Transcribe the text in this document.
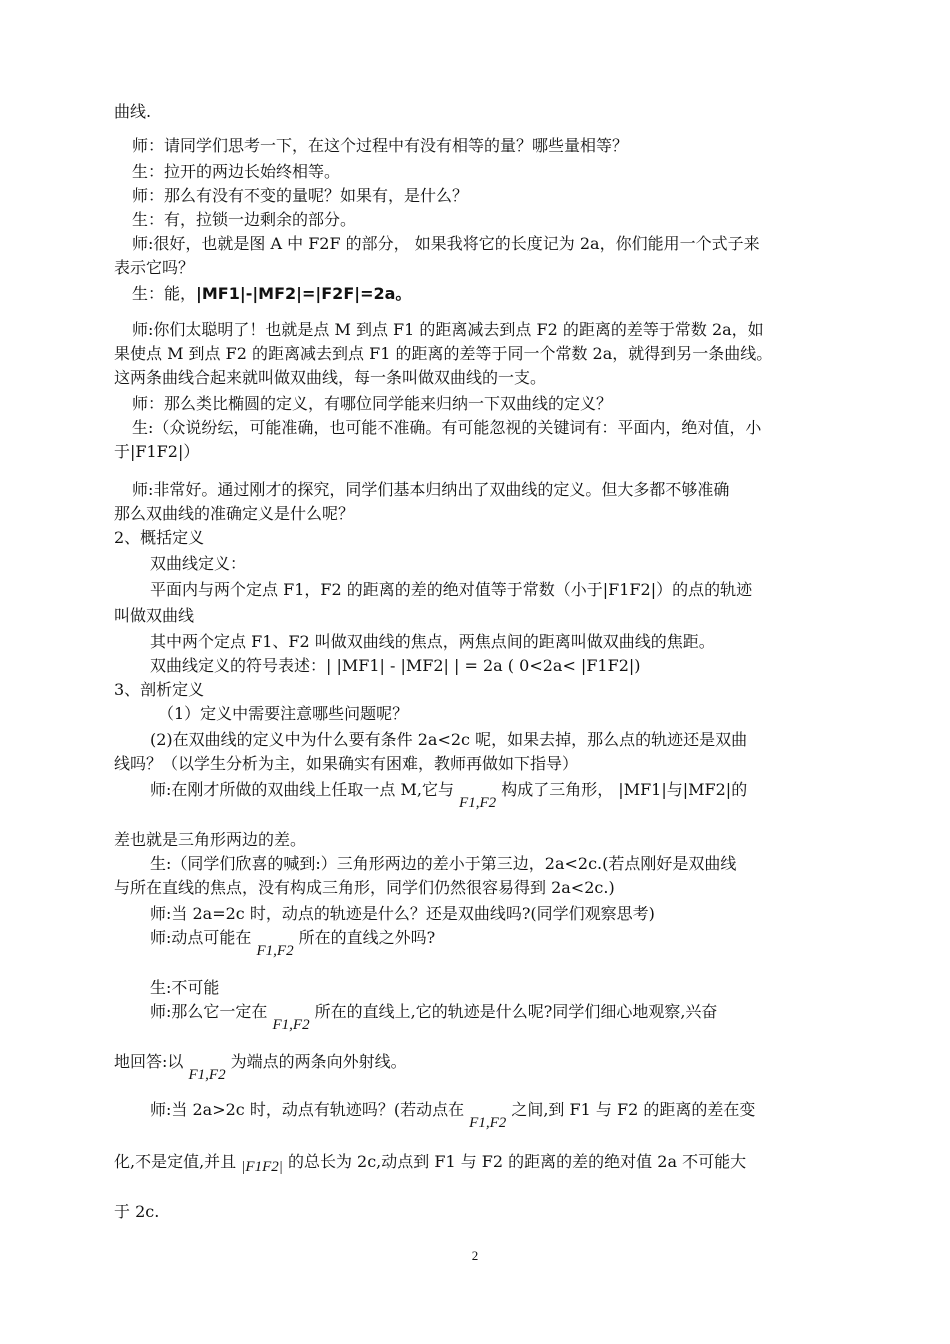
曲线.
师：请同学们思考一下，在这个过程中有没有相等的量？哪些量相等？
生：拉开的两边长始终相等。
师：那么有没有不变的量呢？如果有，是什么？
生：有，拉锁一边剩余的部分。
师:很好，也就是图 A 中 F2F 的部分， 如果我将它的长度记为 2a，你们能用一个式子来
表示它吗？
生：能，|MF1|-|MF2|=|F2F|=2a。
师:你们太聪明了！也就是点 M 到点 F1 的距离减去到点 F2 的距离的差等于常数 2a，如
果使点 M 到点 F2 的距离减去到点 F1 的距离的差等于同一个常数 2a，就得到另一条曲线。
这两条曲线合起来就叫做双曲线，每一条叫做双曲线的一支。
师：那么类比椭圆的定义，有哪位同学能来归纳一下双曲线的定义？
生:（众说纷纭，可能准确，也可能不准确。有可能忽视的关键词有：平面内，绝对值，小
于|F1F2|）
师:非常好。通过刚才的探究，同学们基本归纳出了双曲线的定义。但大多都不够准确
那么双曲线的准确定义是什么呢？
2、概括定义
双曲线定义：
平面内与两个定点 F1，F2 的距离的差的绝对值等于常数（小于|F1F2|）的点的轨迹
叫做双曲线
其中两个定点 F1、F2 叫做双曲线的焦点，两焦点间的距离叫做双曲线的焦距。
双曲线定义的符号表述：| |MF1| - |MF2| | = 2a ( 0<2a< |F1F2|)
3、剖析定义
（1）定义中需要注意哪些问题呢？
(2)在双曲线的定义中为什么要有条件 2a<2c 呢，如果去掉，那么点的轨迹还是双曲
线吗？（以学生分析为主，如果确实有困难，教师再做如下指导）
师:在刚才所做的双曲线上任取一点 M,它与 F1,F2 构成了三角形， |MF1|与|MF2|的
差也就是三角形两边的差。
生:（同学们欣喜的喊到:）三角形两边的差小于第三边，2a<2c.(若点刚好是双曲线
与所在直线的焦点，没有构成三角形，同学们仍然很容易得到 2a<2c.)
师:当 2a=2c 时，动点的轨迹是什么？还是双曲线吗?(同学们观察思考)
师:动点可能在 F1,F2 所在的直线之外吗?
生:不可能
师:那么它一定在 F1,F2 所在的直线上,它的轨迹是什么呢?同学们细心地观察,兴奋
地回答:以 F1,F2 为端点的两条向外射线。
师:当 2a>2c 时，动点有轨迹吗？(若动点在 F1,F2 之间,到 F1 与 F2 的距离的差在变
化,不是定值,并且 |F1F2| 的总长为 2c,动点到 F1 与 F2 的距离的差的绝对值 2a 不可能大
于 2c.
2
